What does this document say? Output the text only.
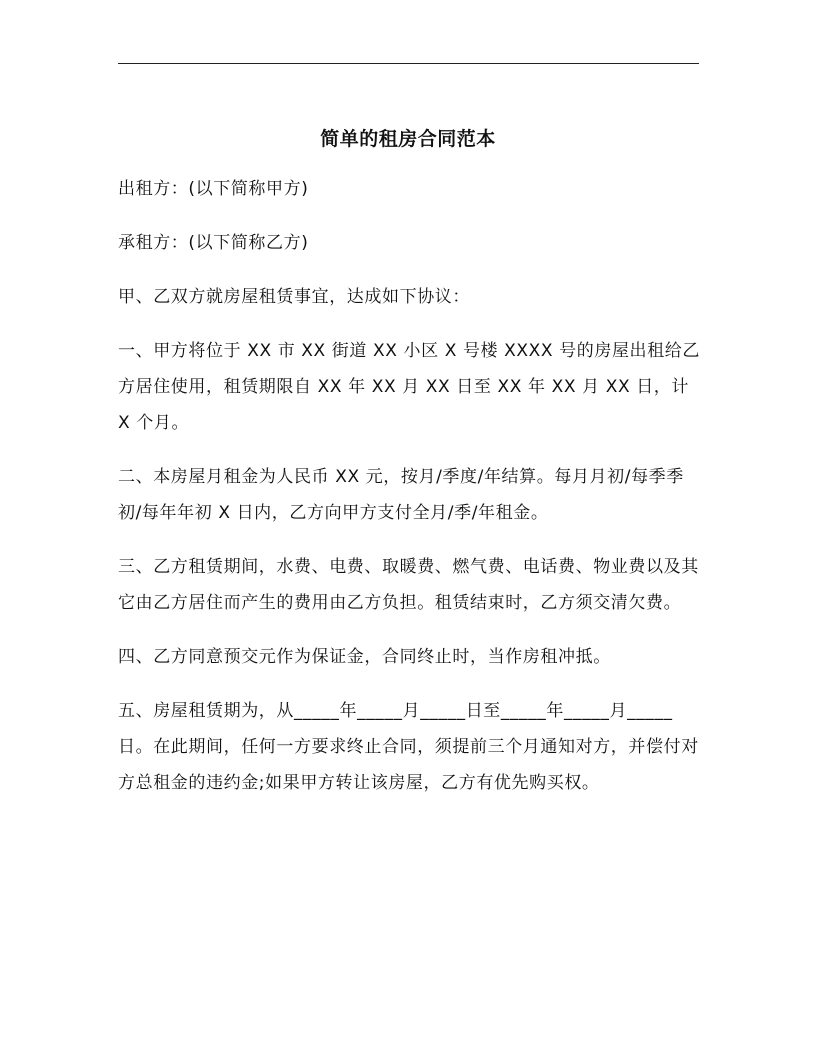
简单的租房合同范本

出租方：(以下简称甲方)

承租方：(以下简称乙方)

甲、乙双方就房屋租赁事宜，达成如下协议：

一、甲方将位于 XX 市 XX 街道 XX 小区 X 号楼 XXXX 号的房屋出租给乙方居住使用，租赁期限自 XX 年 XX 月 XX 日至 XX 年 XX 月 XX 日，计 X 个月。

二、本房屋月租金为人民币 XX 元，按月/季度/年结算。每月月初/每季季初/每年年初 X 日内，乙方向甲方支付全月/季/年租金。

三、乙方租赁期间，水费、电费、取暖费、燃气费、电话费、物业费以及其它由乙方居住而产生的费用由乙方负担。租赁结束时，乙方须交清欠费。

四、乙方同意预交元作为保证金，合同终止时，当作房租冲抵。

五、房屋租赁期为，从_____年_____月_____日至_____年_____月_____日。在此期间，任何一方要求终止合同，须提前三个月通知对方，并偿付对方总租金的违约金;如果甲方转让该房屋，乙方有优先购买权。
